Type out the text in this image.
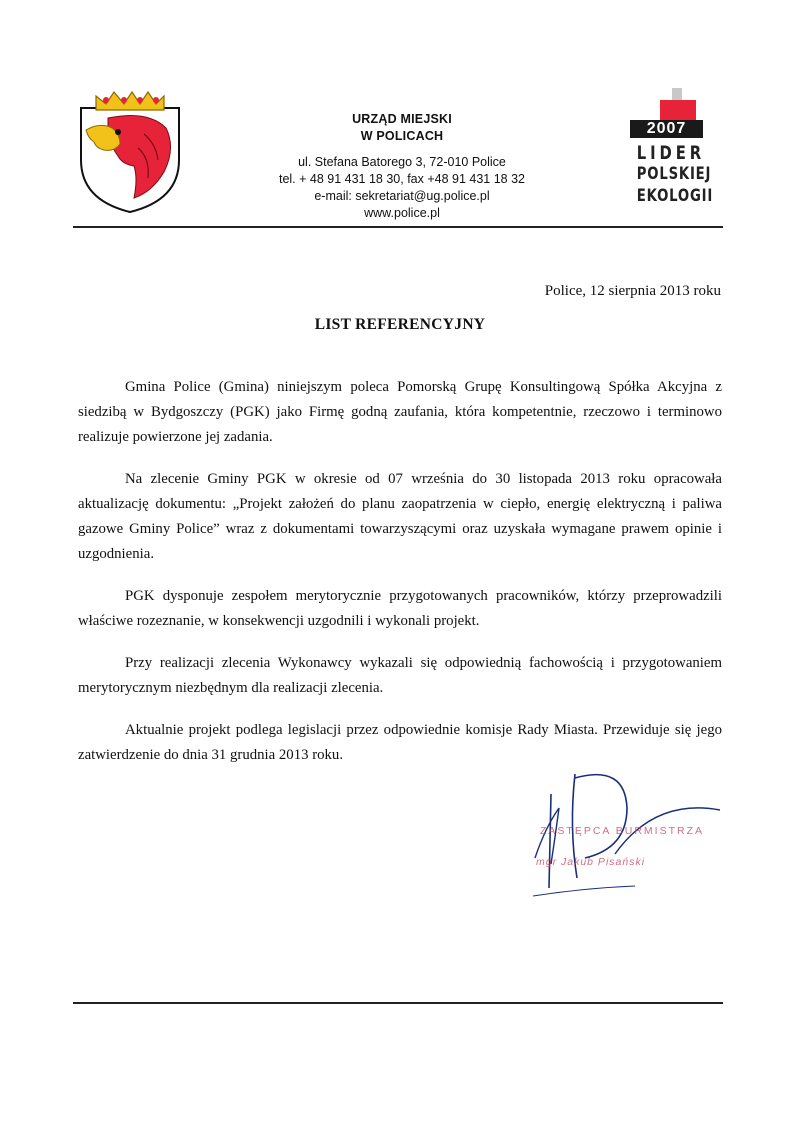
URZĄD MIEJSKI
W POLICACH
ul. Stefana Batorego 3, 72-010 Police
tel. + 48 91 431 18 30, fax +48 91 431 18 32
e-mail: sekretariat@ug.police.pl
www.police.pl
2007
LIDER
POLSKIEJ
EKOLOGII
Police, 12 sierpnia 2013 roku
LIST REFERENCYJNY

Gmina Police (Gmina) niniejszym poleca Pomorską Grupę Konsultingową Spółka Akcyjna z siedzibą w Bydgoszczy (PGK) jako Firmę godną zaufania, która kompetentnie, rzeczowo i terminowo realizuje powierzone jej zadania.

Na zlecenie Gminy PGK w okresie od 07 września do 30 listopada 2013 roku opracowała aktualizację dokumentu: „Projekt założeń do planu zaopatrzenia w ciepło, energię elektryczną i paliwa gazowe Gminy Police” wraz z dokumentami towarzyszącymi oraz uzyskała wymagane prawem opinie i uzgodnienia.

PGK dysponuje zespołem merytorycznie przygotowanych pracowników, którzy przeprowadzili właściwe rozeznanie, w konsekwencji uzgodnili i wykonali projekt.

Przy realizacji zlecenia Wykonawcy wykazali się odpowiednią fachowością i przygotowaniem merytorycznym niezbędnym dla realizacji zlecenia.

Aktualnie projekt podlega legislacji przez odpowiednie komisje Rady Miasta. Przewiduje się jego zatwierdzenie do dnia 31 grudnia 2013 roku.

ZASTĘPCA BURMISTRZA
mgr Jakub Pisański
